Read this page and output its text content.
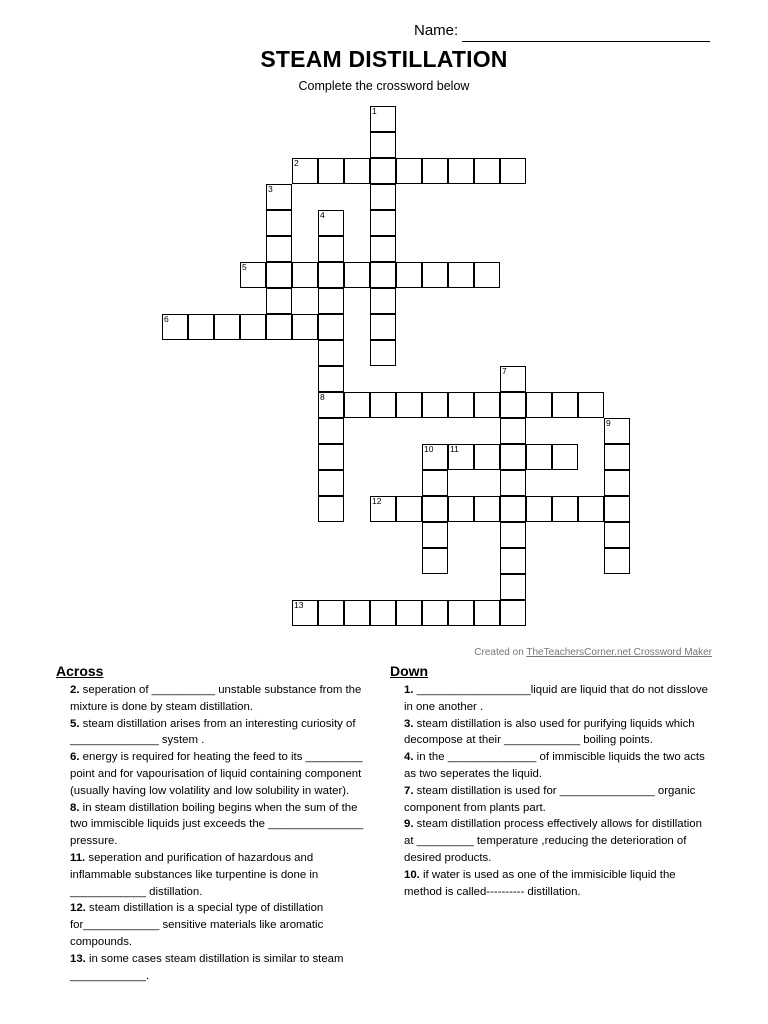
Name:
STEAM DISTILLATION
Complete the crossword below
1
2
3
4
8
5
6
7
9
10 11
12
13
Created on TheTeachersCorner.net Crossword Maker
Across

2. seperation of __________ unstable substance from the mixture is done by steam distillation.

5. steam distillation arises from an interesting curiosity of ______________ system .

6. energy is required for heating the feed to its _________ point and for vapourisation of liquid containing component (usually having low volatility and low solubility in water).

8. in steam distillation boiling begins when the sum of the two immiscible liquids just exceeds the _______________ pressure.

11. seperation and purification of hazardous and inflammable substances like turpentine is done in ____________ distillation.

12. steam distillation is a special type of distillation for____________ sensitive materials like aromatic compounds.

13. in some cases steam distillation is similar to steam ____________.

Down

1. __________________liquid are liquid that do not disslove in one another .

3. steam distillation is also used for purifying liquids which decompose at their ____________ boiling points.

4. in the ______________ of immiscible liquids the two acts as two seperates the liquid.

7. steam distillation is used for _______________ organic component from plants part.

9. steam distillation process effectively allows for distillation at _________ temperature ,reducing the deterioration of desired products.

10. if water is used as one of the immisicible liquid the method is called---------- distillation.
